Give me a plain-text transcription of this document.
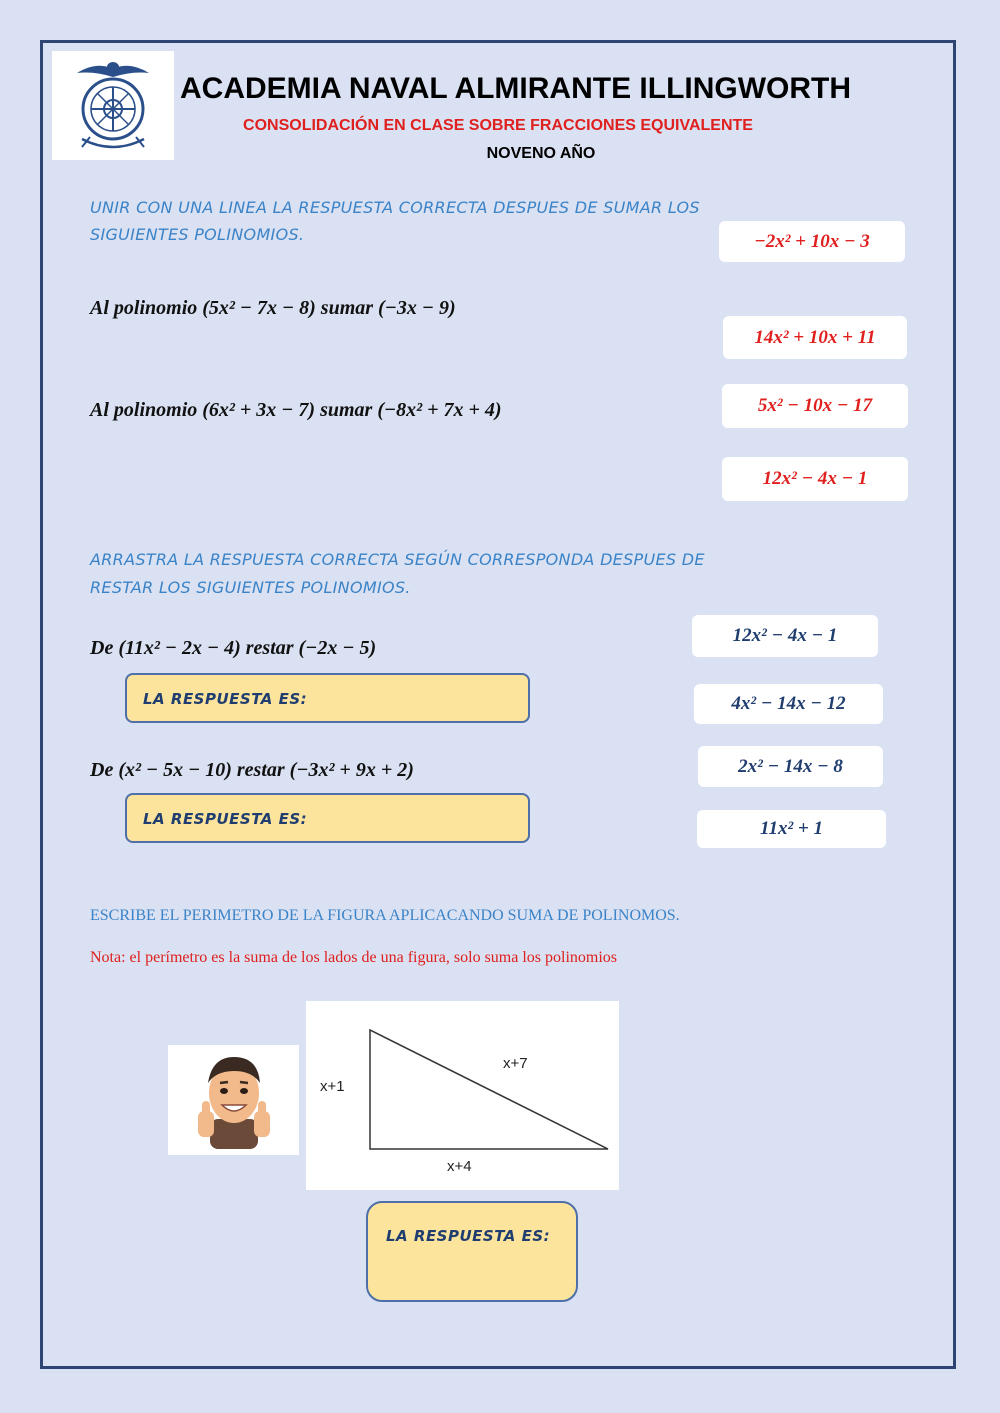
ACADEMIA NAVAL ALMIRANTE ILLINGWORTH
CONSOLIDACIÓN EN CLASE SOBRE FRACCIONES EQUIVALENTE
NOVENO AÑO
UNIR CON UNA LINEA LA RESPUESTA CORRECTA DESPUES DE SUMAR LOS
SIGUIENTES POLINOMIOS.
Al polinomio (5x² − 7x − 8) sumar (−3x − 9)
Al polinomio (6x² + 3x − 7) sumar (−8x² + 7x + 4)
−2x² + 10x − 3
14x² + 10x + 11
5x² − 10x − 17
12x² − 4x − 1
ARRASTRA LA RESPUESTA CORRECTA SEGÚN CORRESPONDA DESPUES DE
RESTAR LOS SIGUIENTES POLINOMIOS.
De (11x² − 2x − 4) restar (−2x − 5)
LA RESPUESTA ES:
De (x² − 5x − 10) restar (−3x² + 9x + 2)
LA RESPUESTA ES:
12x² − 4x − 1
4x² − 14x − 12
2x² − 14x − 8
11x² + 1
ESCRIBE EL PERIMETRO DE LA FIGURA APLICACANDO SUMA DE POLINOMOS.
Nota: el perímetro es la suma de los lados de una figura, solo suma los polinomios
x+1
x+7
x+4
LA RESPUESTA ES:
